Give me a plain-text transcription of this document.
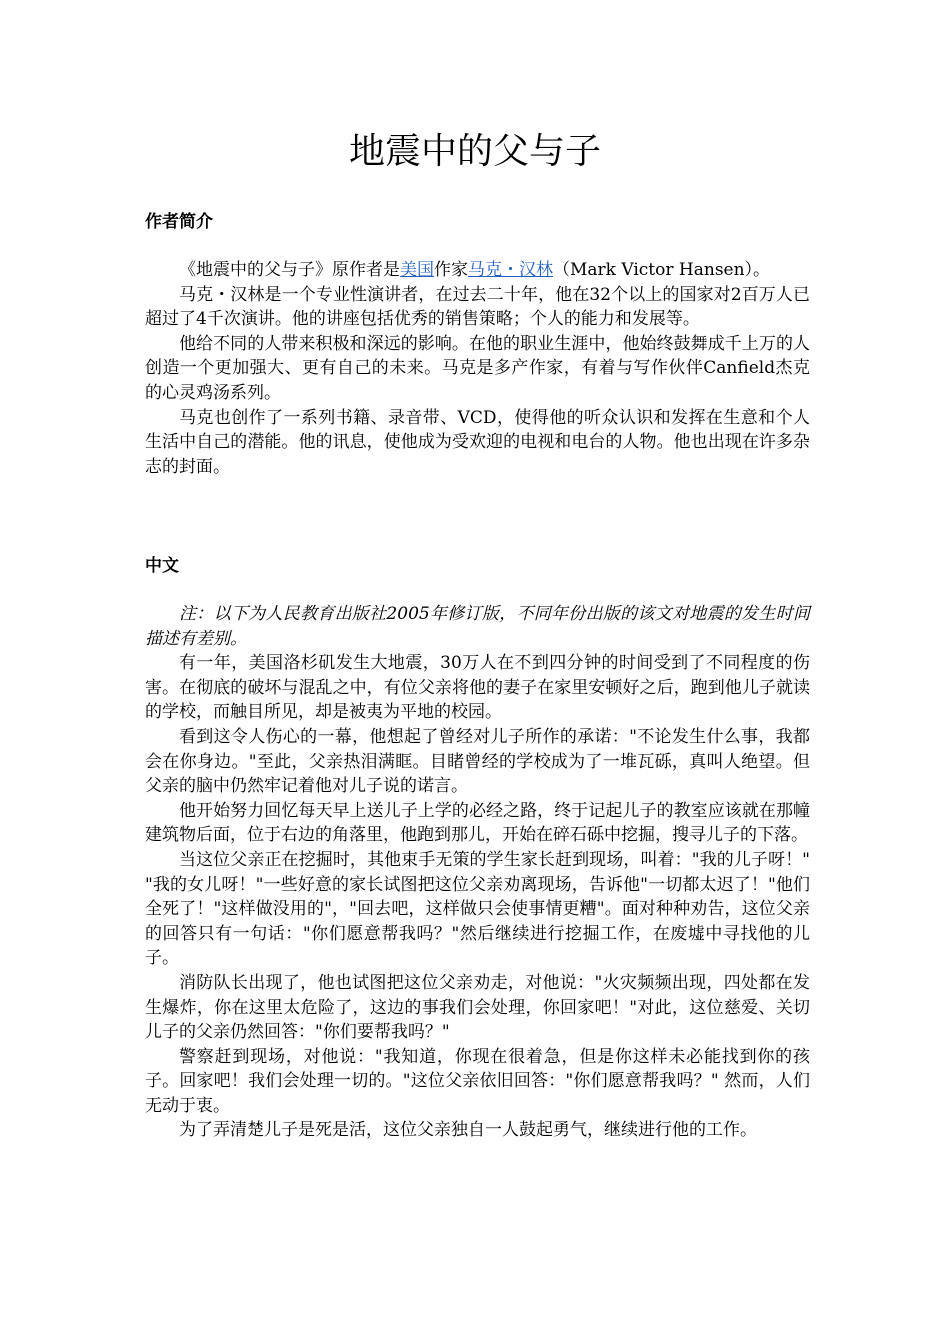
地震中的父与子
作者简介

《地震中的父与子》原作者是美国作家马克・汉林（Mark Victor Hansen）。

马克・汉林是一个专业性演讲者，在过去二十年，他在32个以上的国家对2百万人已超过了4千次演讲。他的讲座包括优秀的销售策略；个人的能力和发展等。

他给不同的人带来积极和深远的影响。在他的职业生涯中，他始终鼓舞成千上万的人创造一个更加强大、更有自己的未来。马克是多产作家，有着与写作伙伴Canfield杰克的心灵鸡汤系列。

马克也创作了一系列书籍、录音带、VCD，使得他的听众认识和发挥在生意和个人生活中自己的潜能。他的讯息，使他成为受欢迎的电视和电台的人物。他也出现在许多杂志的封面。

中文

注：以下为人民教育出版社2005年修订版，不同年份出版的该文对地震的发生时间描述有差别。

有一年，美国洛杉矶发生大地震，30万人在不到四分钟的时间受到了不同程度的伤害。在彻底的破坏与混乱之中，有位父亲将他的妻子在家里安顿好之后，跑到他儿子就读的学校，而触目所见，却是被夷为平地的校园。

看到这令人伤心的一幕，他想起了曾经对儿子所作的承诺："不论发生什么事，我都会在你身边。"至此，父亲热泪满眶。目睹曾经的学校成为了一堆瓦砾，真叫人绝望。但父亲的脑中仍然牢记着他对儿子说的诺言。

他开始努力回忆每天早上送儿子上学的必经之路，终于记起儿子的教室应该就在那幢建筑物后面，位于右边的角落里，他跑到那儿，开始在碎石砾中挖掘，搜寻儿子的下落。

当这位父亲正在挖掘时，其他束手无策的学生家长赶到现场，叫着："我的儿子呀！" "我的女儿呀！"一些好意的家长试图把这位父亲劝离现场，告诉他"一切都太迟了！"他们全死了！"这样做没用的"，"回去吧，这样做只会使事情更糟"。面对种种劝告，这位父亲的回答只有一句话："你们愿意帮我吗？"然后继续进行挖掘工作，在废墟中寻找他的儿子。

消防队长出现了，他也试图把这位父亲劝走，对他说："火灾频频出现，四处都在发生爆炸，你在这里太危险了，这边的事我们会处理，你回家吧！"对此，这位慈爱、关切儿子的父亲仍然回答："你们要帮我吗？"

警察赶到现场，对他说："我知道，你现在很着急，但是你这样未必能找到你的孩子。回家吧！我们会处理一切的。"这位父亲依旧回答："你们愿意帮我吗？" 然而，人们无动于衷。

为了弄清楚儿子是死是活，这位父亲独自一人鼓起勇气，继续进行他的工作。
